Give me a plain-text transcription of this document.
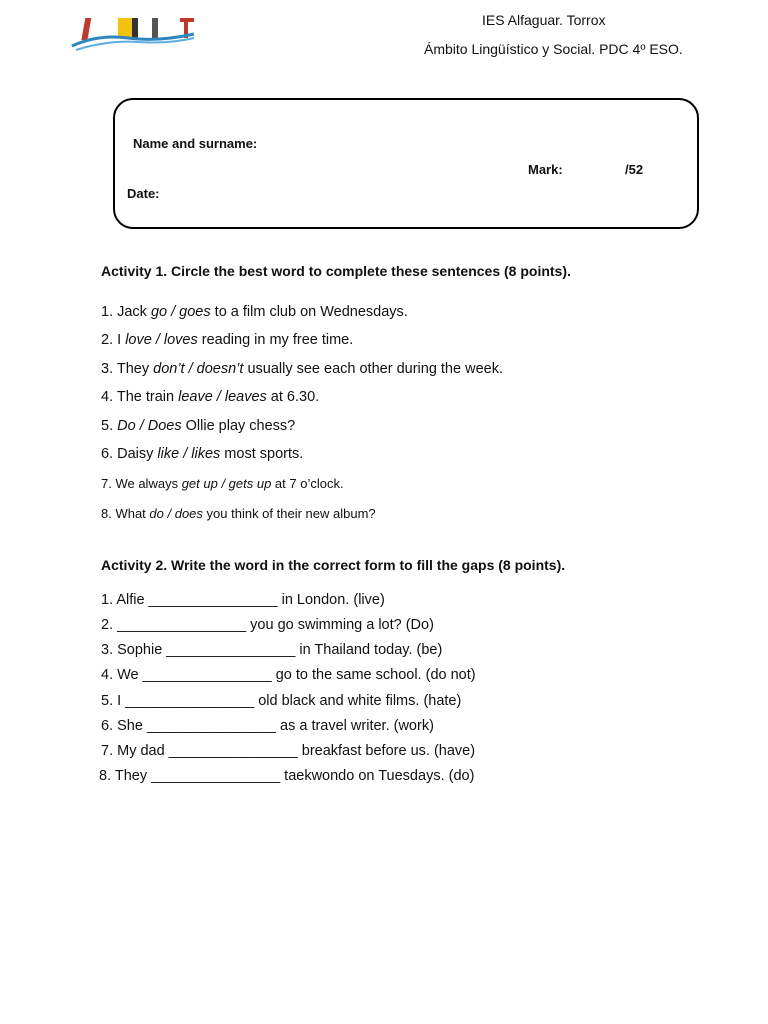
IES Alfaguar. Torrox
Ámbito Lingüístico y Social. PDC 4º ESO.
Name and surname:
Mark:	/52
Date:
Activity 1. Circle the best word to complete these sentences (8 points).
1. Jack go / goes to a film club on Wednesdays.
2. I love / loves reading in my free time.
3. They don’t / doesn’t usually see each other during the week.
4. The train leave / leaves at 6.30.
5. Do / Does Ollie play chess?
6. Daisy like / likes most sports.
7. We always get up / gets up at 7 o’clock.
8. What do / does you think of their new album?
Activity 2. Write the word in the correct form to fill the gaps (8 points).
1. Alfie ________________ in London. (live)
2. ________________ you go swimming a lot? (Do)
3. Sophie ________________ in Thailand today. (be)
4. We ________________ go to the same school. (do not)
5. I ________________ old black and white films. (hate)
6. She ________________ as a travel writer. (work)
7. My dad ________________ breakfast before us. (have)
8. They ________________ taekwondo on Tuesdays. (do)
